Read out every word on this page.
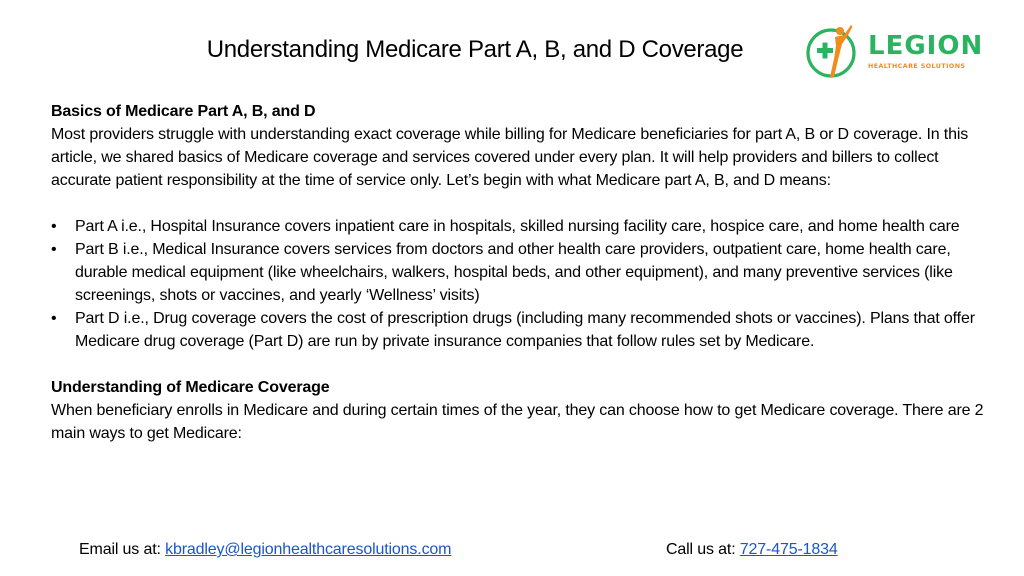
Understanding Medicare Part A, B, and D Coverage	LEGION
HEALTHCARE SOLUTIONS
Basics of Medicare Part A, B, and D
Most providers struggle with understanding exact coverage while billing for Medicare beneficiaries for part A, B or D coverage. In this article, we shared basics of Medicare coverage and services covered under every plan. It will help providers and billers to collect accurate patient responsibility at the time of service only. Let’s begin with what Medicare part A, B, and D means:
•	Part A i.e., Hospital Insurance covers inpatient care in hospitals, skilled nursing facility care, hospice care, and home health care
•	Part B i.e., Medical Insurance covers services from doctors and other health care providers, outpatient care, home health care, durable medical equipment (like wheelchairs, walkers, hospital beds, and other equipment), and many preventive services (like screenings, shots or vaccines, and yearly ‘Wellness’ visits)
•	Part D i.e., Drug coverage covers the cost of prescription drugs (including many recommended shots or vaccines). Plans that offer Medicare drug coverage (Part D) are run by private insurance companies that follow rules set by Medicare.
Understanding of Medicare Coverage
When beneficiary enrolls in Medicare and during certain times of the year, they can choose how to get Medicare coverage. There are 2 main ways to get Medicare:
Email us at: kbradley@legionhealthcaresolutions.com	Call us at: 727-475-1834
